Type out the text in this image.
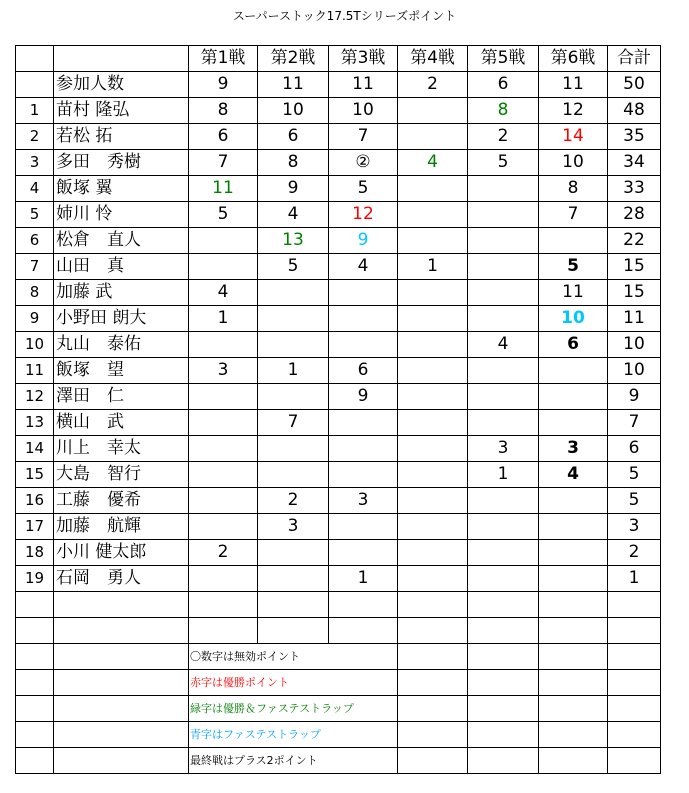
スーパーストック17.5Tシリーズポイント
		第1戦	第2戦	第3戦	第4戦	第5戦	第6戦	合計
	参加人数	9	11	11	2	6	11	50
1	苗村 隆弘	8	10	10		8	12	48
2	若松 拓	6	6	7		2	14	35
3	多田　秀樹	7	8	②	4	5	10	34
4	飯塚 翼	11	9	5			8	33
5	姉川 怜	5	4	12			7	28
6	松倉　直人		13	9				22
7	山田　真		5	4	1		5	15
8	加藤 武	4					11	15
9	小野田 朗大	1					10	11
10	丸山　泰佑					4	6	10
11	飯塚　望	3	1	6				10
12	澤田　仁			9				9
13	横山　武		7					7
14	川上　幸太					3	3	6
15	大島　智行					1	4	5
16	工藤　優希		2	3				5
17	加藤　航輝		3					3
18	小川 健太郎	2						2
19	石岡　勇人			1				1

		〇数字は無効ポイント						
		赤字は優勝ポイント						
		緑字は優勝＆ファステストラップ						
		青字はファステストラップ						
		最終戦はプラス2ポイント						
